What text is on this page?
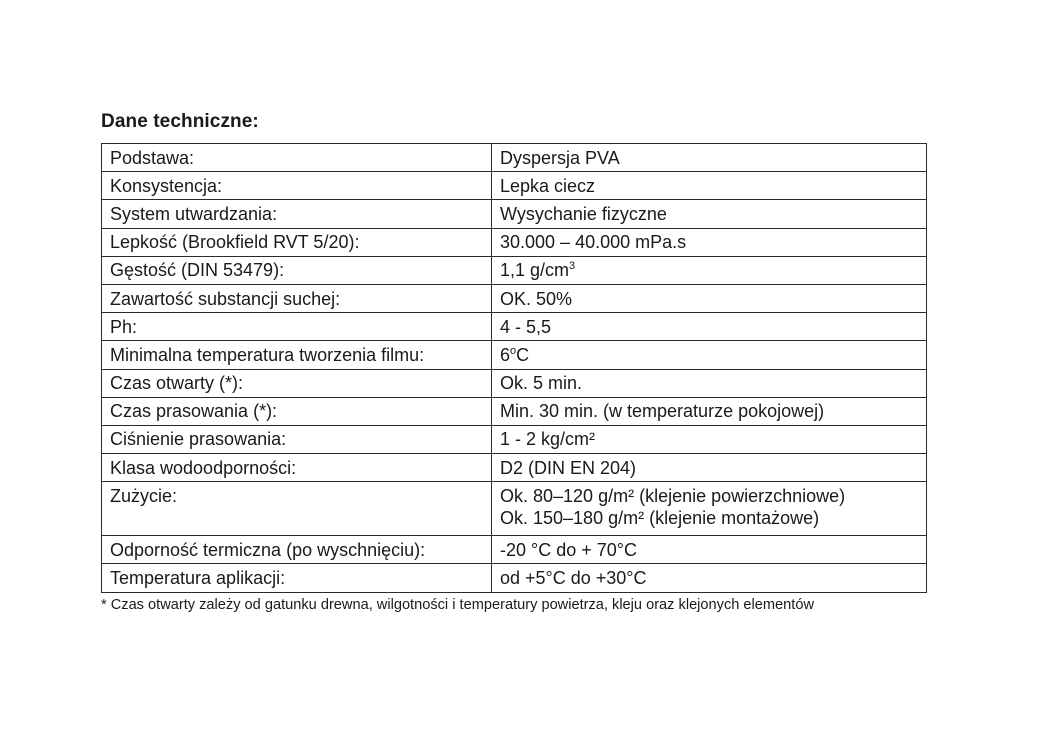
Dane techniczne:
Podstawa:	Dyspersja PVA
Konsystencja:	Lepka ciecz
System utwardzania:	Wysychanie fizyczne
Lepkość (Brookfield RVT 5/20):	30.000 – 40.000 mPa.s
Gęstość (DIN 53479):	1,1 $g/cm^3$
Zawartość substancji suchej:	OK. 50%
Ph:	4 - 5,5
Minimalna temperatura tworzenia filmu:	6$^o$C
Czas otwarty (*):	Ok. 5 min.
Czas prasowania (*):	Min. 30 min. (w temperaturze pokojowej)
Ciśnienie prasowania:	1 - 2 kg/cm²
Klasa wodoodporności:	D2 (DIN EN 204)
Zużycie:	Ok. 80–120 g/m² (klejenie powierzchniowe)
Ok. 150–180 g/m² (klejenie montażowe)

Odporność termiczna (po wyschnięciu):	-20 °C do + 70°C
Temperatura aplikacji:	od +5°C do +30°C
* Czas otwarty zależy od gatunku drewna, wilgotności i temperatury powietrza, kleju oraz klejonych elementów
